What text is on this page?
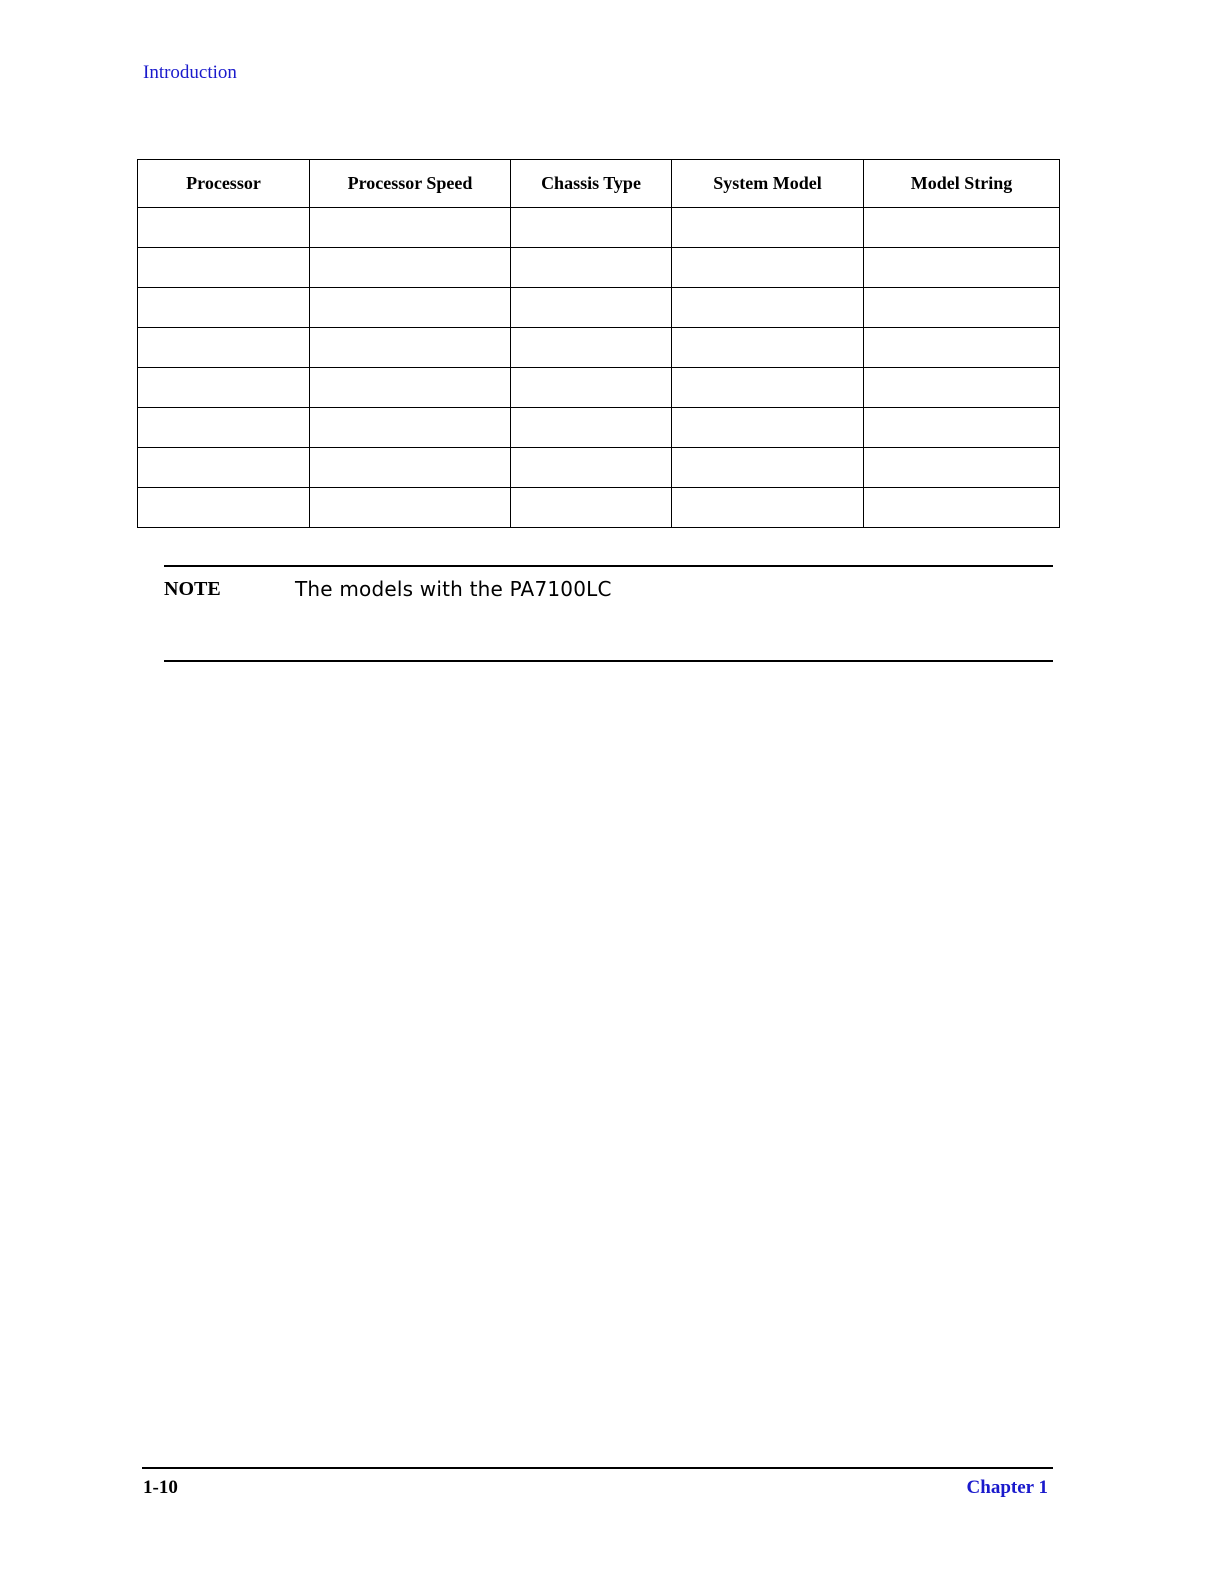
Introduction
Processor	Processor Speed	Chassis Type	System Model	Model String

NOTE	The models with the PA7100LC
1-10	Chapter 1
